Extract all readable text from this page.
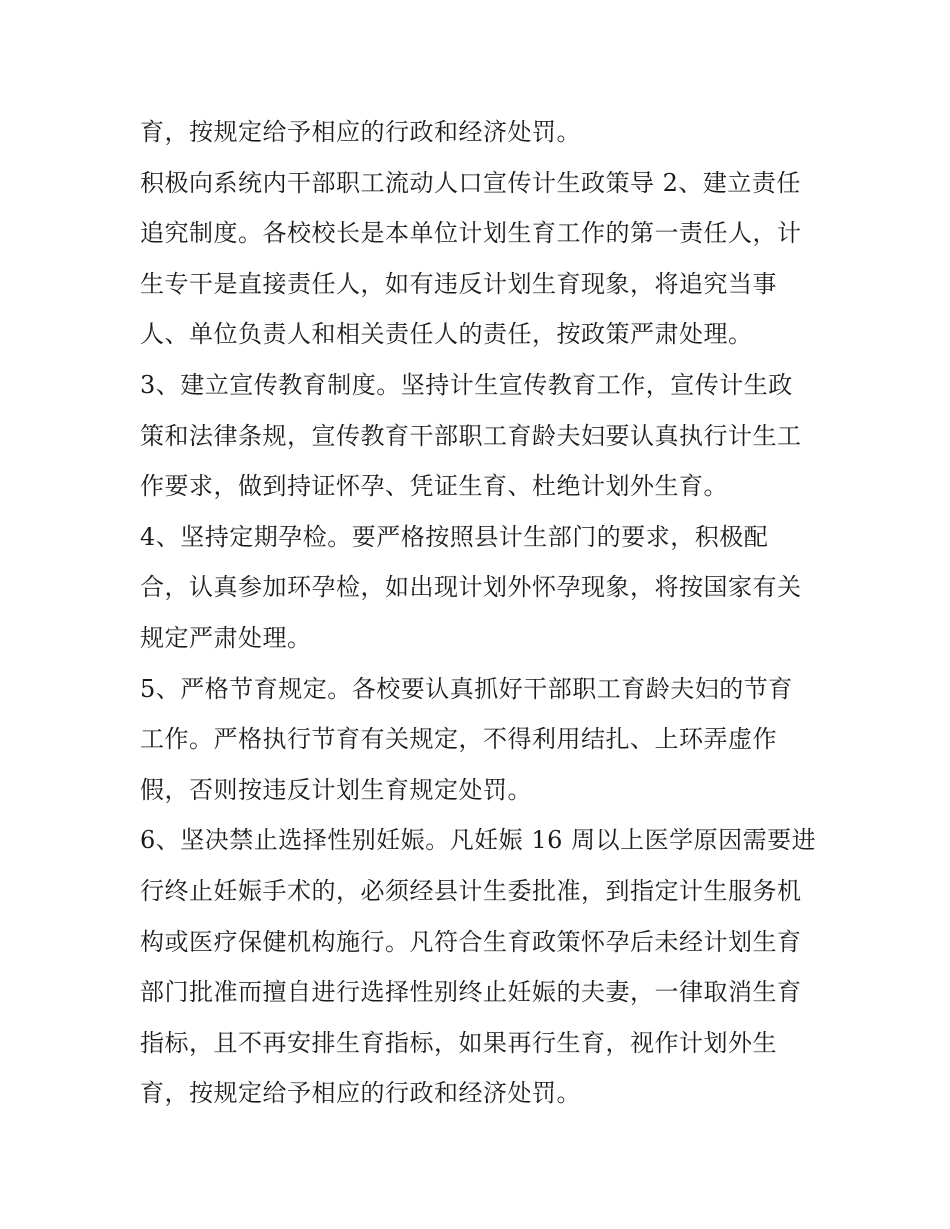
育，按规定给予相应的行政和经济处罚。
积极向系统内干部职工流动人口宣传计生政策导 2、建立责任
追究制度。各校校长是本单位计划生育工作的第一责任人，计
生专干是直接责任人，如有违反计划生育现象，将追究当事
人、单位负责人和相关责任人的责任，按政策严肃处理。
3、建立宣传教育制度。坚持计生宣传教育工作，宣传计生政
策和法律条规，宣传教育干部职工育龄夫妇要认真执行计生工
作要求，做到持证怀孕、凭证生育、杜绝计划外生育。
4、坚持定期孕检。要严格按照县计生部门的要求，积极配
合，认真参加环孕检，如出现计划外怀孕现象，将按国家有关
规定严肃处理。
5、严格节育规定。各校要认真抓好干部职工育龄夫妇的节育
工作。严格执行节育有关规定，不得利用结扎、上环弄虚作
假，否则按违反计划生育规定处罚。
6、坚决禁止选择性别妊娠。凡妊娠 16 周以上医学原因需要进
行终止妊娠手术的，必须经县计生委批准，到指定计生服务机
构或医疗保健机构施行。凡符合生育政策怀孕后未经计划生育
部门批准而擅自进行选择性别终止妊娠的夫妻，一律取消生育
指标，且不再安排生育指标，如果再行生育，视作计划外生
育，按规定给予相应的行政和经济处罚。
